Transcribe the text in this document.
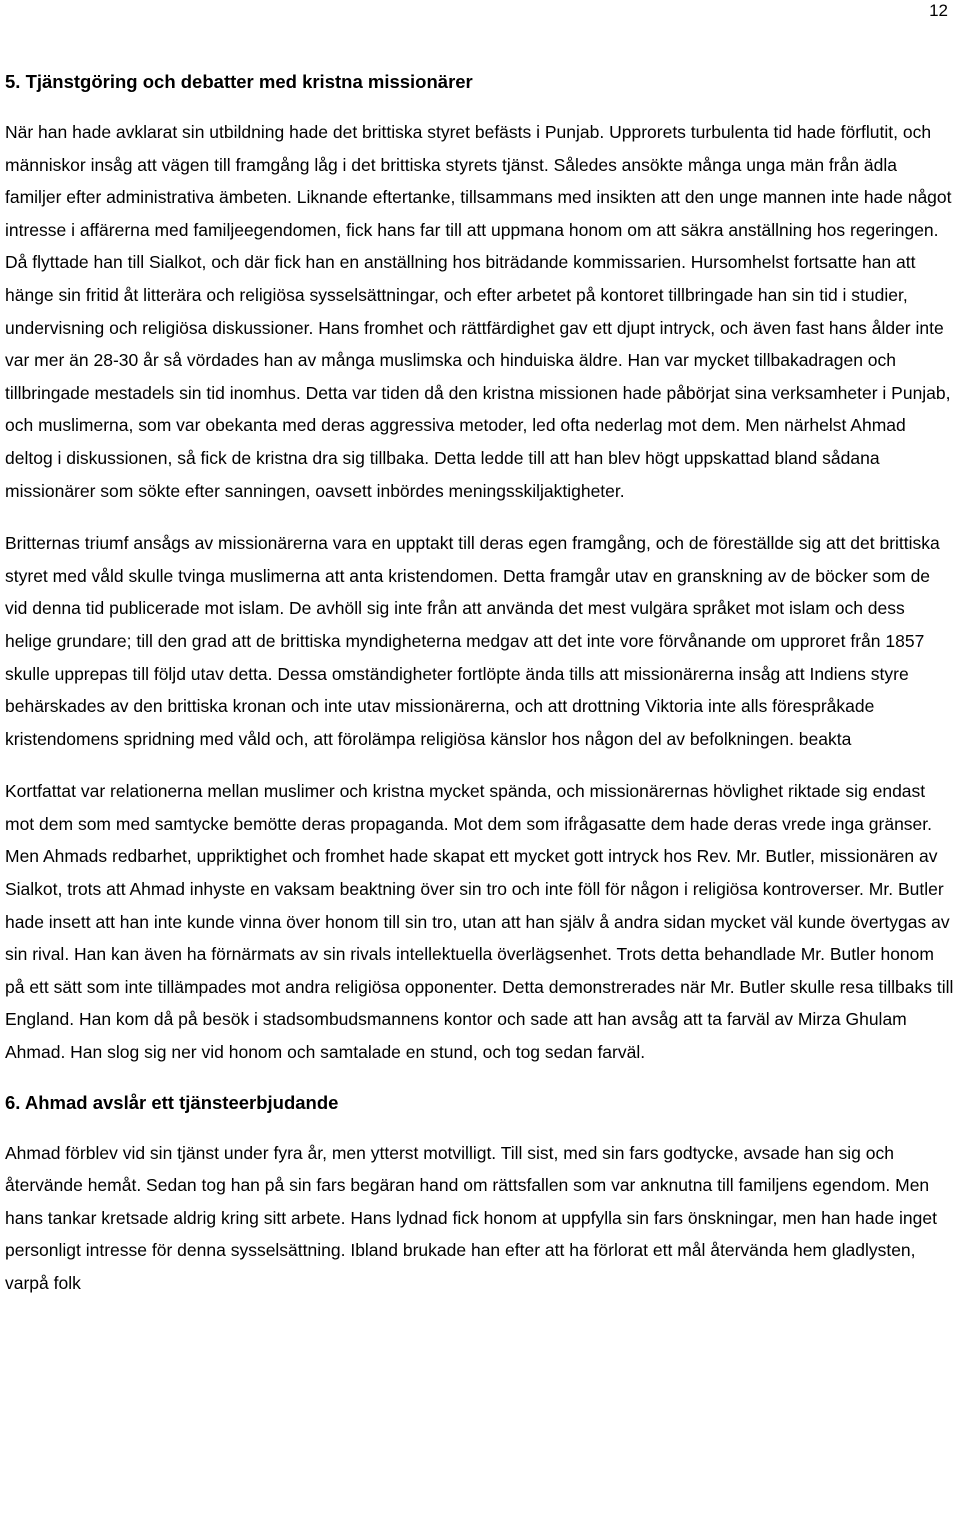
12
5. Tjänstgöring och debatter med kristna missionärer

När han hade avklarat sin utbildning hade det brittiska styret befästs i Punjab. Upprorets turbulenta tid hade förflutit, och människor insåg att vägen till framgång låg i det brittiska styrets tjänst. Således ansökte många unga män från ädla familjer efter administrativa ämbeten. Liknande eftertanke, tillsammans med insikten att den unge mannen inte hade något intresse i affärerna med familjeegendomen, fick hans far till att uppmana honom om att säkra anställning hos regeringen. Då flyttade han till Sialkot, och där fick han en anställning hos biträdande kommissarien. Hursomhelst fortsatte han att hänge sin fritid åt litterära och religiösa sysselsättningar, och efter arbetet på kontoret tillbringade han sin tid i studier, undervisning och religiösa diskussioner. Hans fromhet och rättfärdighet gav ett djupt intryck, och även fast hans ålder inte var mer än 28-30 år så vördades han av många muslimska och hinduiska äldre. Han var mycket tillbakadragen och tillbringade mestadels sin tid inomhus. Detta var tiden då den kristna missionen hade påbörjat sina verksamheter i Punjab, och muslimerna, som var obekanta med deras aggressiva metoder, led ofta nederlag mot dem. Men närhelst Ahmad deltog i diskussionen, så fick de kristna dra sig tillbaka. Detta ledde till att han blev högt uppskattad bland sådana missionärer som sökte efter sanningen, oavsett inbördes meningsskiljaktigheter.

Britternas triumf ansågs av missionärerna vara en upptakt till deras egen framgång, och de föreställde sig att det brittiska styret med våld skulle tvinga muslimerna att anta kristendomen. Detta framgår utav en granskning av de böcker som de vid denna tid publicerade mot islam. De avhöll sig inte från att använda det mest vulgära språket mot islam och dess helige grundare; till den grad att de brittiska myndigheterna medgav att det inte vore förvånande om upproret från 1857 skulle upprepas till följd utav detta. Dessa omständigheter fortlöpte ända tills att missionärerna insåg att Indiens styre behärskades av den brittiska kronan och inte utav missionärerna, och att drottning Viktoria inte alls förespråkade kristendomens spridning med våld och, att förolämpa religiösa känslor hos någon del av befolkningen. beakta

Kortfattat var relationerna mellan muslimer och kristna mycket spända, och missionärernas hövlighet riktade sig endast mot dem som med samtycke bemötte deras propaganda. Mot dem som ifrågasatte dem hade deras vrede inga gränser. Men Ahmads redbarhet, uppriktighet och fromhet hade skapat ett mycket gott intryck hos Rev. Mr. Butler, missionären av Sialkot, trots att Ahmad inhyste en vaksam beaktning över sin tro och inte föll för någon i religiösa kontroverser. Mr. Butler hade insett att han inte kunde vinna över honom till sin tro, utan att han själv å andra sidan mycket väl kunde övertygas av sin rival. Han kan även ha förnärmats av sin rivals intellektuella överlägsenhet. Trots detta behandlade Mr. Butler honom på ett sätt som inte tillämpades mot andra religiösa opponenter. Detta demonstrerades när Mr. Butler skulle resa tillbaks till England. Han kom då på besök i stadsombudsmannens kontor och sade att han avsåg att ta farväl av Mirza Ghulam Ahmad. Han slog sig ner vid honom och samtalade en stund, och tog sedan farväl.

6. Ahmad avslår ett tjänsteerbjudande

Ahmad förblev vid sin tjänst under fyra år, men ytterst motvilligt. Till sist, med sin fars godtycke, avsade han sig och återvände hemåt. Sedan tog han på sin fars begäran hand om rättsfallen som var anknutna till familjens egendom. Men hans tankar kretsade aldrig kring sitt arbete. Hans lydnad fick honom at uppfylla sin fars önskningar, men han hade inget personligt intresse för denna sysselsättning. Ibland brukade han efter att ha förlorat ett mål återvända hem gladlysten, varpå folk
